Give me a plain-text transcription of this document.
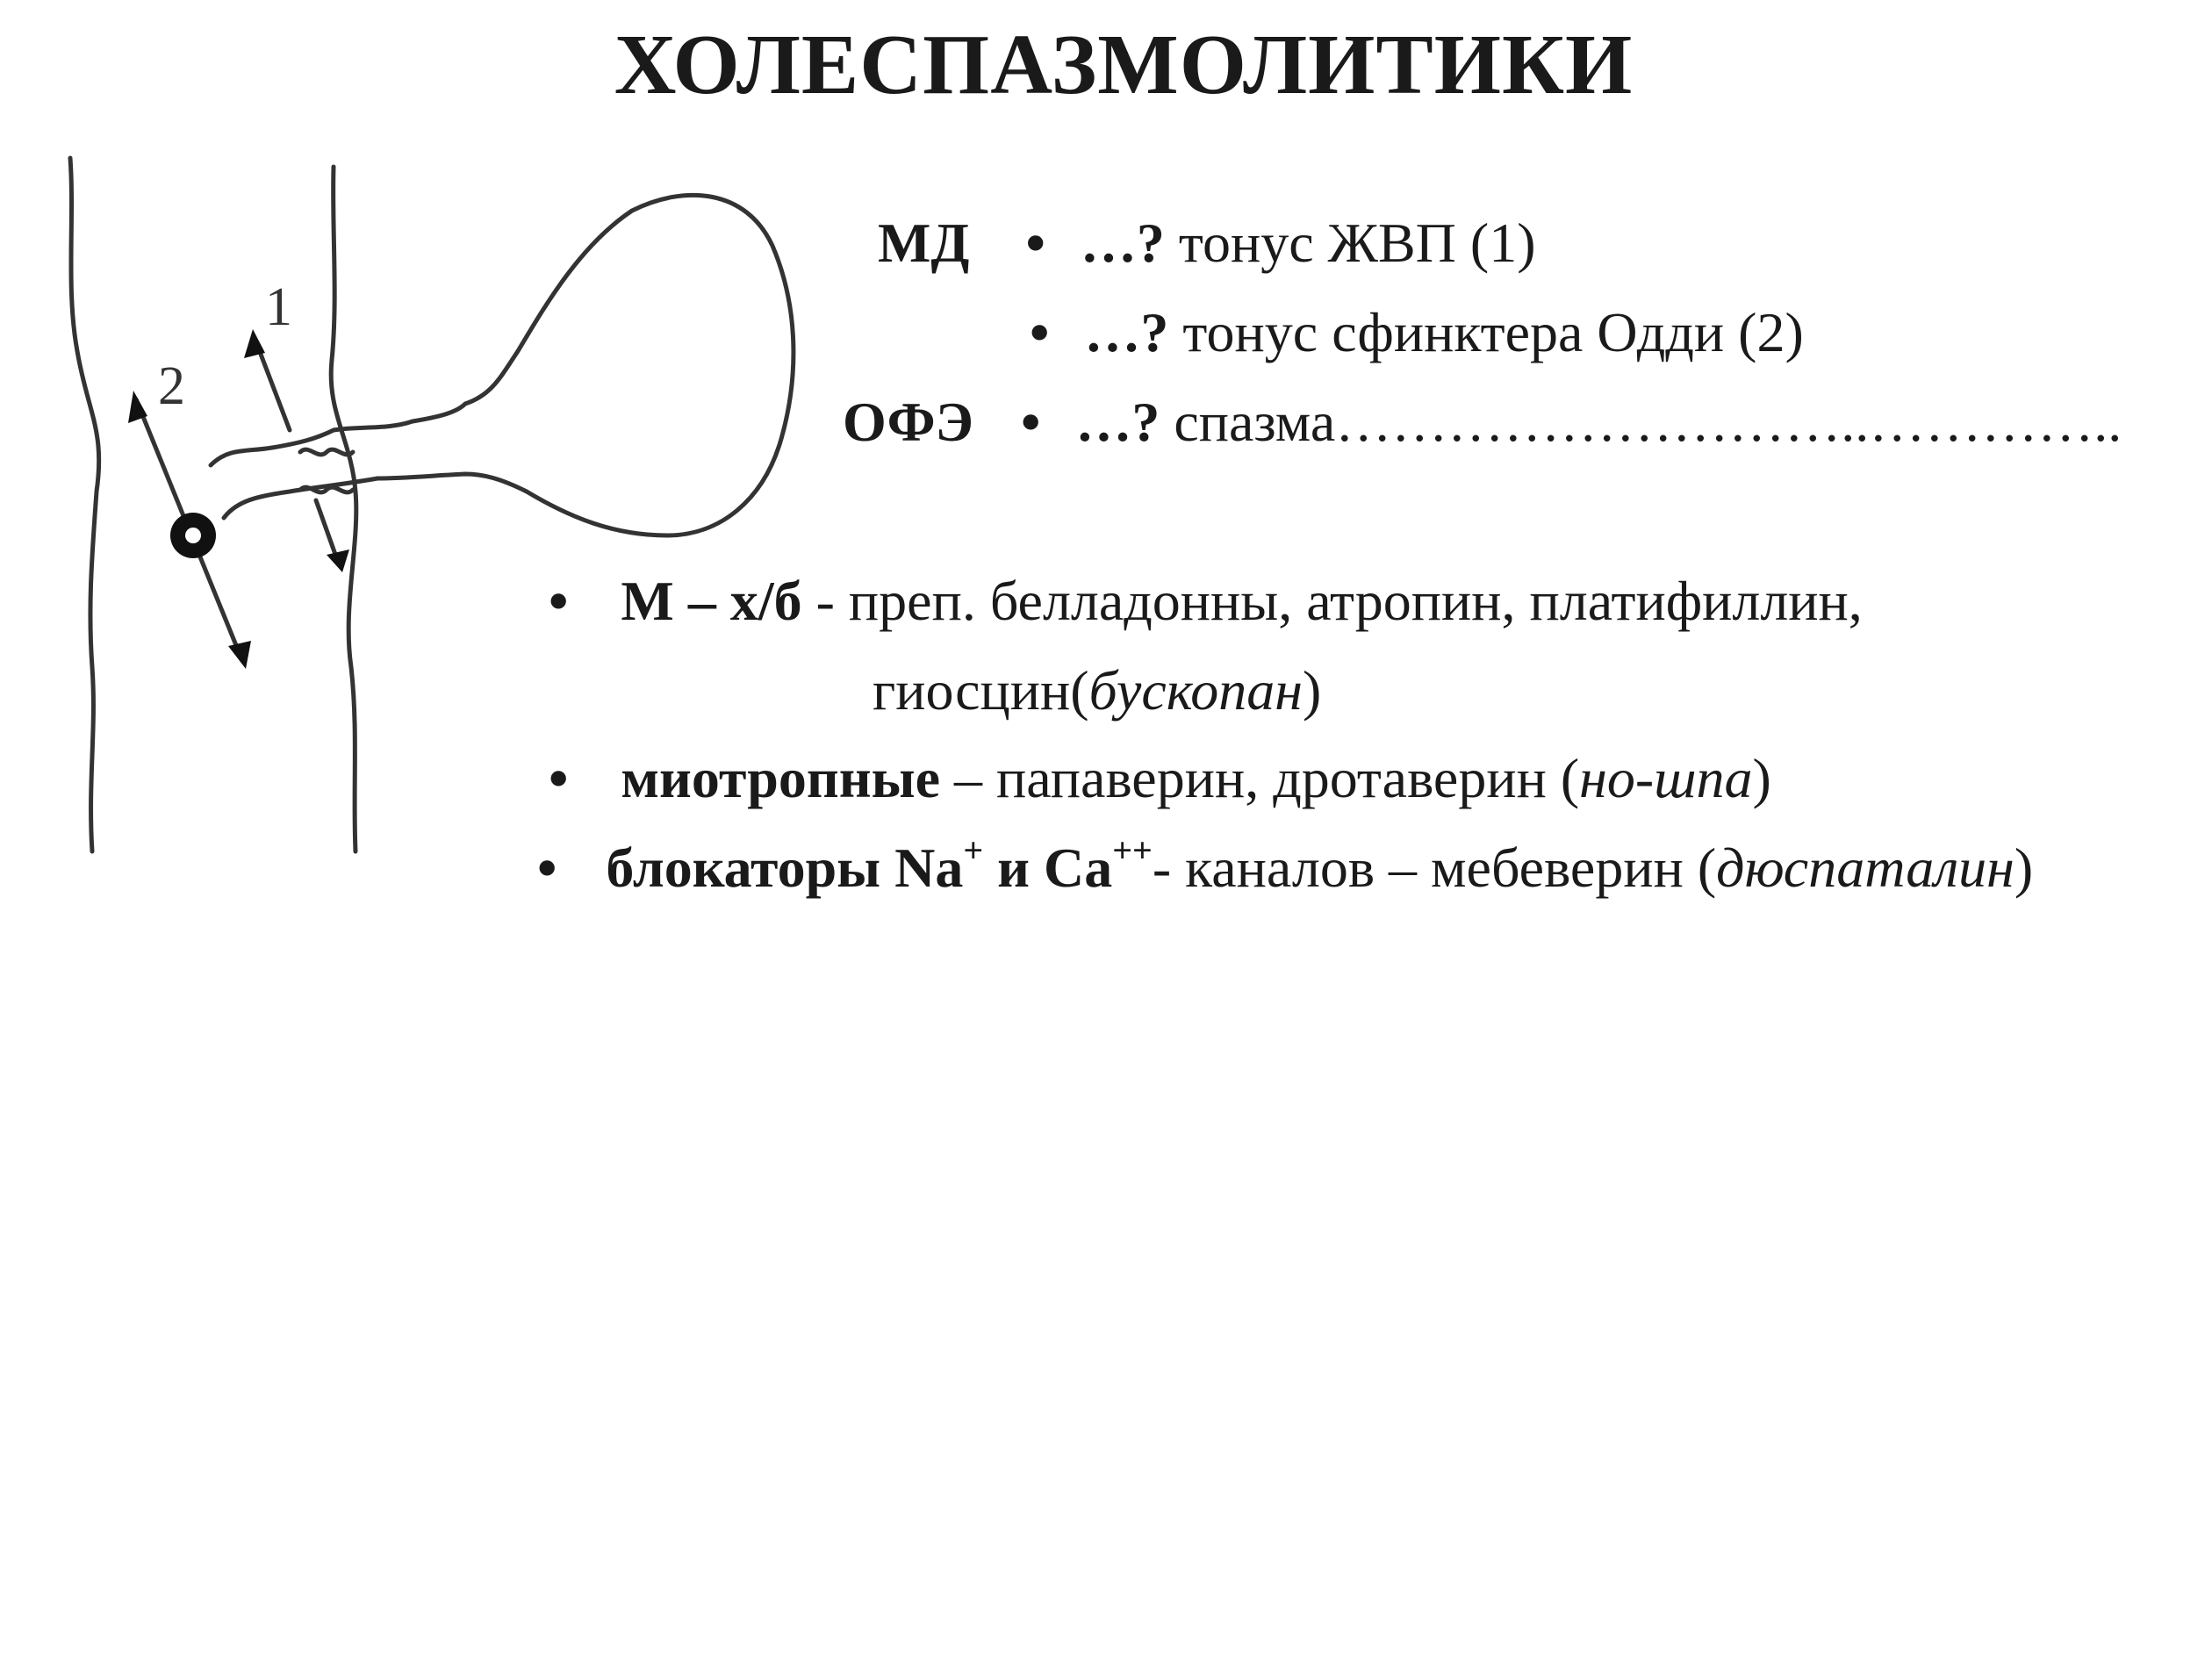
ХОЛЕСПАЗМОЛИТИКИ
1
2
МД • …? тонус ЖВП (1)
• …? тонус сфинктера Одди (2)
ОФЭ • …? спазма………………………..…………..
• М – х/б - преп. белладонны, атропин, платифиллин,
гиосцин(бускопан)
• миотропные – папаверин, дротаверин (но-шпа)
• блокаторы Na+ и Ca++- каналов – мебеверин (дюспаталин)
